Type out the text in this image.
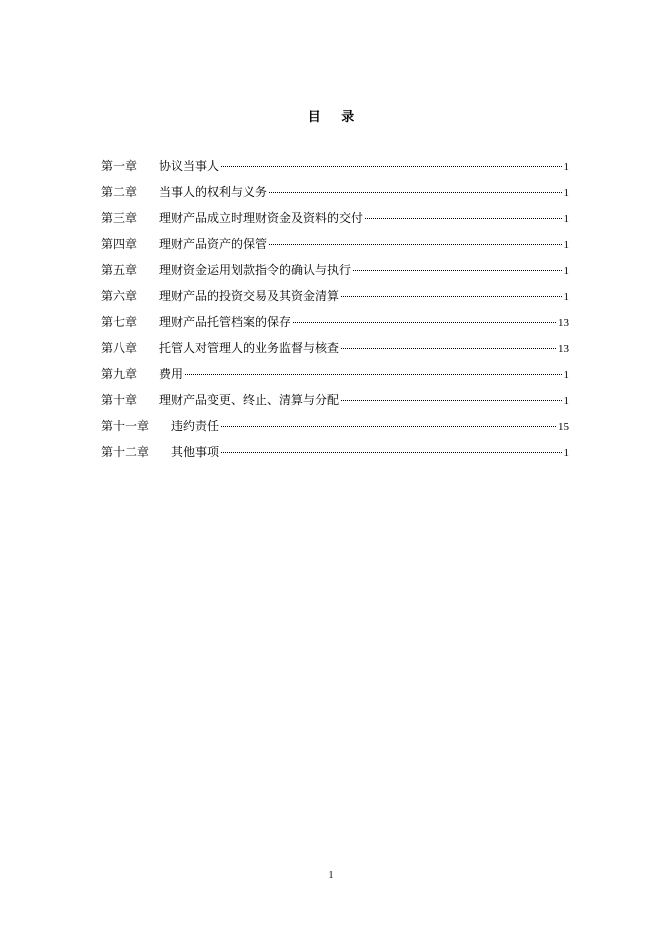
目 录
第一章	协议当事人	1
第二章	当事人的权利与义务	1
第三章	理财产品成立时理财资金及资料的交付	1
第四章	理财产品资产的保管	1
第五章	理财资金运用划款指令的确认与执行	1
第六章	理财产品的投资交易及其资金清算	1
第七章	理财产品托管档案的保存	13
第八章	托管人对管理人的业务监督与核查	13
第九章	费用	1
第十章	理财产品变更、终止、清算与分配	1
第十一章	违约责任	15
第十二章	其他事项	1
1
